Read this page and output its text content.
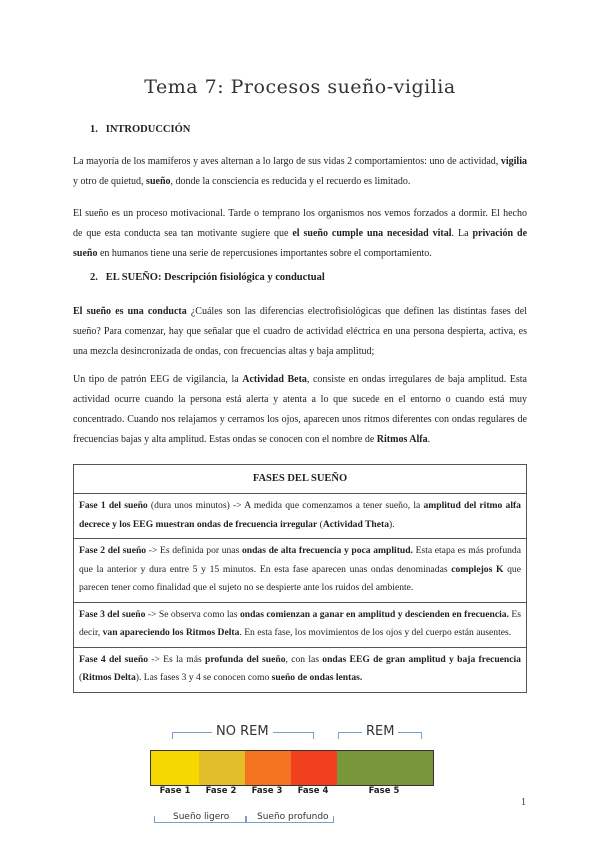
Tema 7: Procesos sueño-vigilia
1. INTRODUCCIÓN
La mayoría de los mamíferos y aves alternan a lo largo de sus vidas 2 comportamientos: uno de actividad, vigilia y otro de quietud, sueño, donde la consciencia es reducida y el recuerdo es limitado.
El sueño es un proceso motivacional. Tarde o temprano los organismos nos vemos forzados a dormir. El hecho de que esta conducta sea tan motivante sugiere que el sueño cumple una necesidad vital. La privación de sueño en humanos tiene una serie de repercusiones importantes sobre el comportamiento.
2. EL SUEÑO: Descripción fisiológica y conductual
El sueño es una conducta ¿Cuáles son las diferencias electrofisiológicas que definen las distintas fases del sueño? Para comenzar, hay que señalar que el cuadro de actividad eléctrica en una persona despierta, activa, es una mezcla desincronizada de ondas, con frecuencias altas y baja amplitud;
Un tipo de patrón EEG de vigilancia, la Actividad Beta, consiste en ondas irregulares de baja amplitud. Esta actividad ocurre cuando la persona está alerta y atenta a lo que sucede en el entorno o cuando está muy concentrado. Cuando nos relajamos y cerramos los ojos, aparecen unos ritmos diferentes con ondas regulares de frecuencias bajas y alta amplitud. Estas ondas se conocen con el nombre de Ritmos Alfa.
FASES DEL SUEÑO
Fase 1 del sueño (dura unos minutos) -> A medida que comenzamos a tener sueño, la amplitud del ritmo alfa decrece y los EEG muestran ondas de frecuencia irregular (Actividad Theta).
Fase 2 del sueño -> Es definida por unas ondas de alta frecuencia y poca amplitud. Esta etapa es más profunda que la anterior y dura entre 5 y 15 minutos. En esta fase aparecen unas ondas denominadas complejos K que parecen tener como finalidad que el sujeto no se despierte ante los ruidos del ambiente.
Fase 3 del sueño -> Se observa como las ondas comienzan a ganar en amplitud y descienden en frecuencia. Es decir, van apareciendo los Ritmos Delta. En esta fase, los movimientos de los ojos y del cuerpo están ausentes.
Fase 4 del sueño -> Es la más profunda del sueño, con las ondas EEG de gran amplitud y baja frecuencia (Ritmos Delta). Las fases 3 y 4 se conocen como sueño de ondas lentas.
NO REM	REM
Fase 1	Fase 2	Fase 3	Fase 4	Fase 5
Sueño ligero	Sueño profundo
1
